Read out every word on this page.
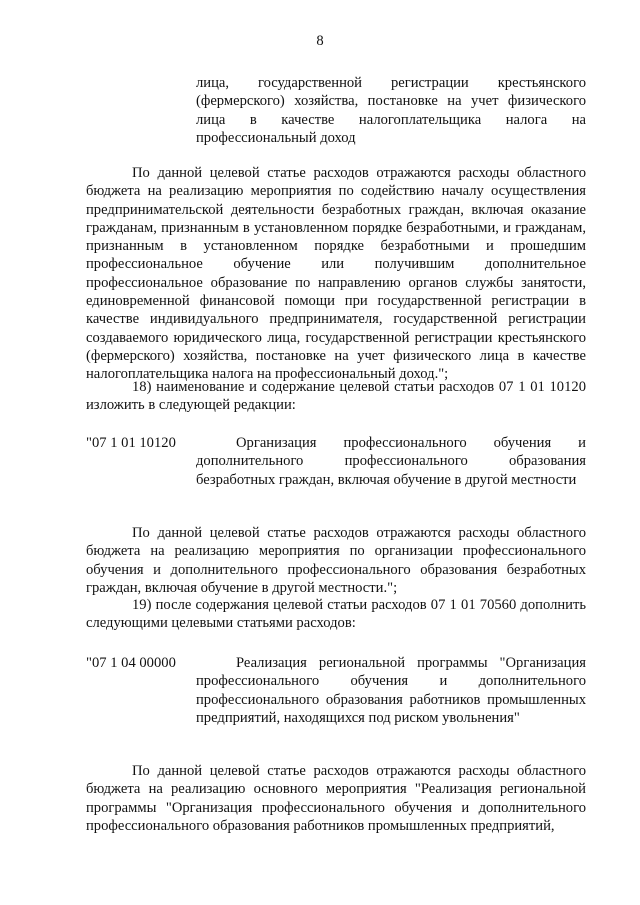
8
лица, государственной регистрации крестьянского (фермерского) хозяйства, постановке на учет физического лица в качестве налогоплательщика налога на профессиональный доход
По данной целевой статье расходов отражаются расходы областного бюджета на реализацию мероприятия по содействию началу осуществления предпринимательской деятельности безработных граждан, включая оказание гражданам, признанным в установленном порядке безработными, и гражданам, признанным в установленном порядке безработными и прошедшим профессиональное обучение или получившим дополнительное профессиональное образование по направлению органов службы занятости, единовременной финансовой помощи при государственной регистрации в качестве индивидуального предпринимателя, государственной регистрации создаваемого юридического лица, государственной регистрации крестьянского (фермерского) хозяйства, постановке на учет физического лица в качестве налогоплательщика налога на профессиональный доход.";
18) наименование и содержание целевой статьи расходов 07 1 01 10120 изложить в следующей редакции:
"07 1 01 10120	Организация профессионального обучения и дополнительного профессионального образования безработных граждан, включая обучение в другой местности
По данной целевой статье расходов отражаются расходы областного бюджета на реализацию мероприятия по организации профессионального обучения и дополнительного профессионального образования безработных граждан, включая обучение в другой местности.";
19) после содержания целевой статьи расходов 07 1 01 70560 дополнить следующими целевыми статьями расходов:
"07 1 04 00000	Реализация региональной программы "Организация профессионального обучения и дополнительного профессионального образования работников промышленных предприятий, находящихся под риском увольнения"
По данной целевой статье расходов отражаются расходы областного бюджета на реализацию основного мероприятия "Реализация региональной программы "Организация профессионального обучения и дополнительного профессионального образования работников промышленных предприятий,
